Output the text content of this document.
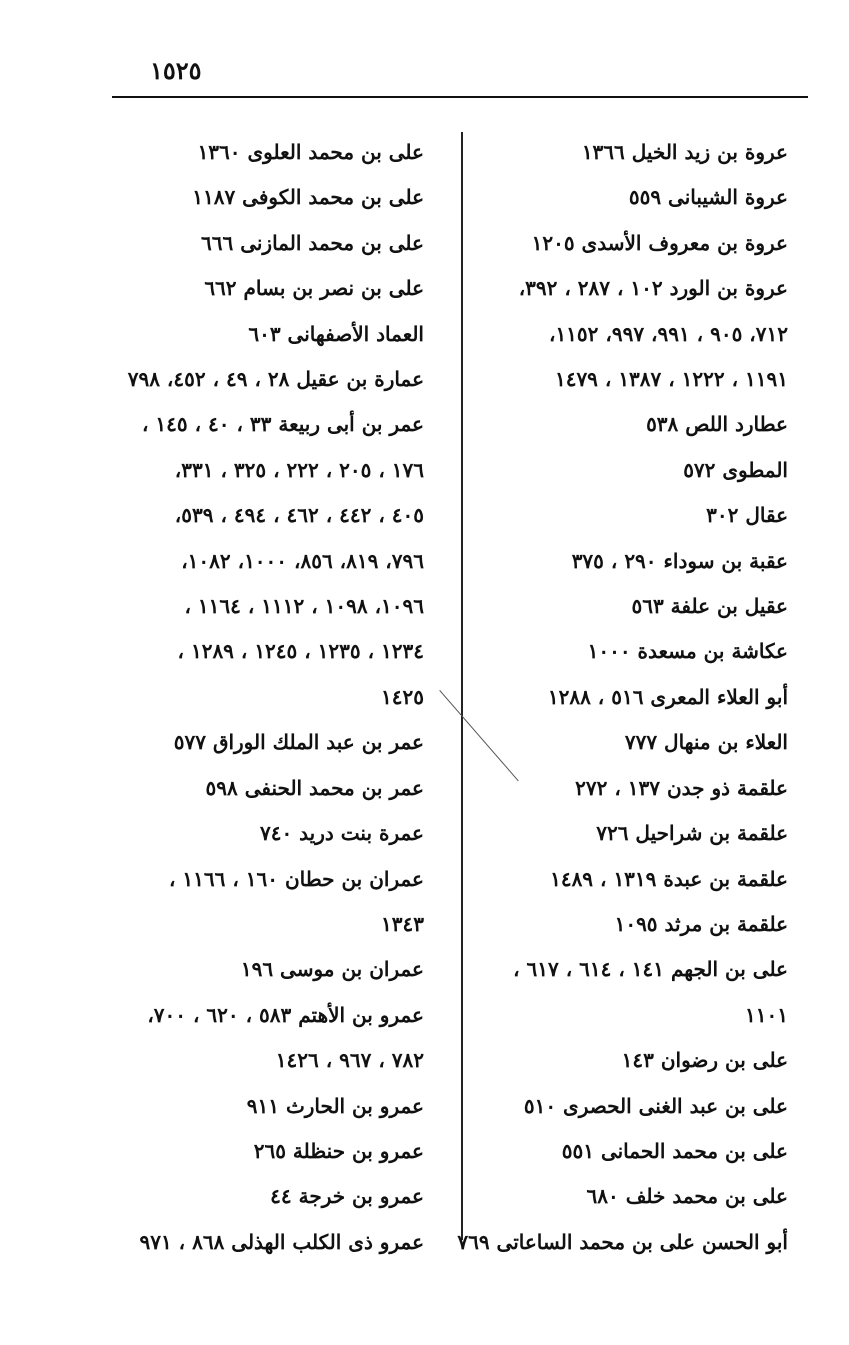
١٥٢٥
عروة بن زيد الخيل ١٣٦٦
عروة الشيبانى ٥٥٩
عروة بن معروف الأسدى ١٢٠٥
عروة بن الورد ١٠٢ ، ٢٨٧ ، ٣٩٢،
٧١٢، ٩٠٥ ، ٩٩١، ٩٩٧، ١١٥٢،
١١٩١ ، ١٢٢٢ ، ١٣٨٧ ، ١٤٧٩
عطارد اللص ٥٣٨
المطوى ٥٧٢
عقال ٣٠٢
عقبة بن سوداء ٢٩٠ ، ٣٧٥
عقيل بن علفة ٥٦٣
عكاشة بن مسعدة ١٠٠٠
أبو العلاء المعرى ٥١٦ ، ١٢٨٨
العلاء بن منهال ٧٧٧
علقمة ذو جدن ١٣٧ ، ٢٧٢
علقمة بن شراحيل ٧٢٦
علقمة بن عبدة ١٣١٩ ، ١٤٨٩
علقمة بن مرثد ١٠٩٥
على بن الجهم ١٤١ ، ٦١٤ ، ٦١٧ ،
١١٠١
على بن رضوان ١٤٣
على بن عبد الغنى الحصرى ٥١٠
على بن محمد الحمانى ٥٥١
على بن محمد خلف ٦٨٠
أبو الحسن على بن محمد الساعاتى ٧٦٩
على بن محمد العلوى ١٣٦٠
على بن محمد الكوفى ١١٨٧
على بن محمد المازنى ٦٦٦
على بن نصر بن بسام ٦٦٢
العماد الأصفهانى ٦٠٣
عمارة بن عقيل ٢٨ ، ٤٩ ، ٤٥٢، ٧٩٨
عمر بن أبى ربيعة ٣٣ ، ٤٠ ، ١٤٥ ،
١٧٦ ، ٢٠٥ ، ٢٢٢ ، ٣٢٥ ، ٣٣١،
٤٠٥ ، ٤٤٢ ، ٤٦٢ ، ٤٩٤ ، ٥٣٩،
٧٩٦، ٨١٩، ٨٥٦، ١٠٠٠، ١٠٨٢،
١٠٩٦، ١٠٩٨ ، ١١١٢ ، ١١٦٤ ،
١٢٣٤ ، ١٢٣٥ ، ١٢٤٥ ، ١٢٨٩ ،
١٤٢٥
عمر بن عبد الملك الوراق ٥٧٧
عمر بن محمد الحنفى ٥٩٨
عمرة بنت دريد ٧٤٠
عمران بن حطان ١٦٠ ، ١١٦٦ ،
١٣٤٣
عمران بن موسى ١٩٦
عمرو بن الأهتم ٥٨٣ ، ٦٢٠ ، ٧٠٠،
٧٨٢ ، ٩٦٧ ، ١٤٢٦
عمرو بن الحارث ٩١١
عمرو بن حنظلة ٢٦٥
عمرو بن خرجة ٤٤
عمرو ذى الكلب الهذلى ٨٦٨ ، ٩٧١
